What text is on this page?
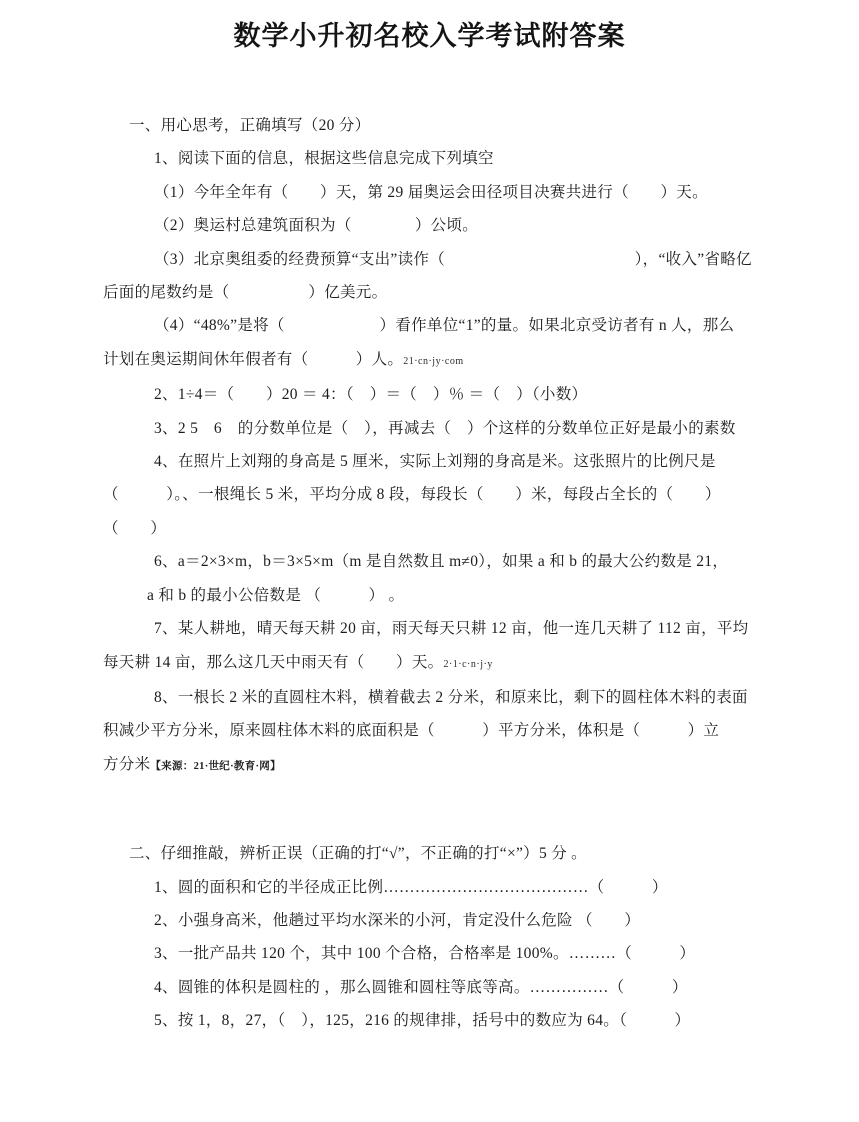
数学小升初名校入学考试附答案
一、用心思考，正确填写（20 分）
1、阅读下面的信息，根据这些信息完成下列填空
（1）今年全年有（　　）天，第 29 届奥运会田径项目决赛共进行（　　）天。
（2）奥运村总建筑面积为（　　　　）公顷。
（3）北京奥组委的经费预算“支出”读作（　　　　　　　　　　　　），“收入”省略亿
后面的尾数约是（　　　　　）亿美元。
（4）“48%”是将（　　　　　　）看作单位“1”的量。如果北京受访者有 n 人，那么
计划在奥运期间休年假者有（　　　）人。21·cn·jy·com
2、1÷4＝（　　）20 ＝ 4：（　）＝（　）％ ＝（　）（小数）
3、2 5　6　的分数单位是（　），再减去（　）个这样的分数单位正好是最小的素数
4、在照片上刘翔的身高是 5 厘米，实际上刘翔的身高是米。这张照片的比例尺是
（　　　）。、一根绳长 5 米，平均分成 8 段，每段长（　　）米，每段占全长的（　　）
（　　）
6、a＝2×3×m，b＝3×5×m（m 是自然数且 m≠0），如果 a 和 b 的最大公约数是 21，
a 和 b 的最小公倍数是 （　　　） 。
7、某人耕地，晴天每天耕 20 亩，雨天每天只耕 12 亩，他一连几天耕了 112 亩，平均
每天耕 14 亩，那么这几天中雨天有（　　）天。2·1·c·n·j·y
8、一根长 2 米的直圆柱木料，横着截去 2 分米，和原来比，剩下的圆柱体木料的表面
积减少平方分米，原来圆柱体木料的底面积是（　　　）平方分米，体积是（　　　）立
方分米【来源：21·世纪·教育·网】
二、仔细推敲，辨析正误（正确的打“√”，不正确的打“×”）5 分 。
1、圆的面积和它的半径成正比例…………………………………（　　　）
2、小强身高米，他趟过平均水深米的小河，肯定没什么危险 （　　）
3、一批产品共 120 个，其中 100 个合格，合格率是 100%。………（　　　）
4、圆锥的体积是圆柱的 ，那么圆锥和圆柱等底等高。……………（　　　）
5、按 1，8，27，（　），125，216 的规律排，括号中的数应为 64。（　　　）
